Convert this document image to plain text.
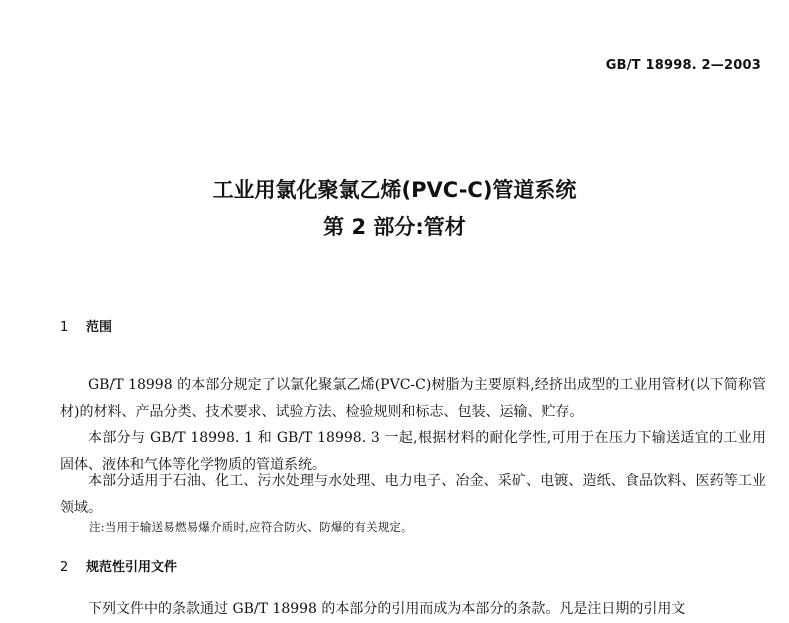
GB/T 18998. 2—2003
工业用氯化聚氯乙烯(PVC-C)管道系统
第 2 部分:管材
1 范围
GB/T 18998 的本部分规定了以氯化聚氯乙烯(PVC-C)树脂为主要原料,经挤出成型的工业用管材(以下简称管材)的材料、产品分类、技术要求、试验方法、检验规则和标志、包装、运输、贮存。
本部分与 GB/T 18998. 1 和 GB/T 18998. 3 一起,根据材料的耐化学性,可用于在压力下输送适宜的工业用固体、液体和气体等化学物质的管道系统。
本部分适用于石油、化工、污水处理与水处理、电力电子、冶金、采矿、电镀、造纸、食品饮料、医药等工业领域。
注:当用于输送易燃易爆介质时,应符合防火、防爆的有关规定。
2 规范性引用文件
下列文件中的条款通过 GB/T 18998 的本部分的引用而成为本部分的条款。凡是注日期的引用文
